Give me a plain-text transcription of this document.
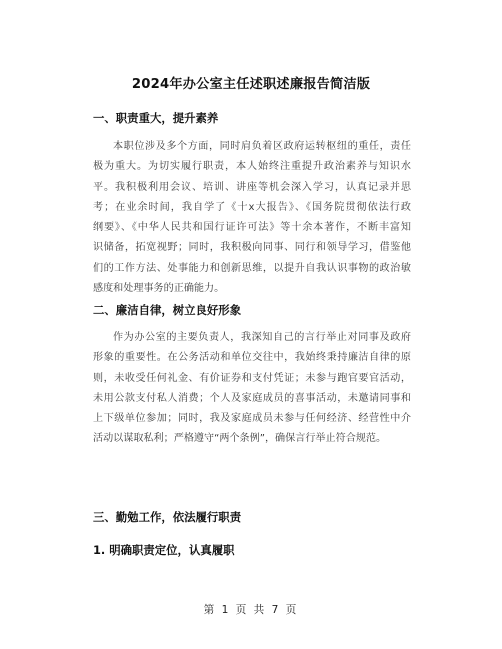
2024年办公室主任述职述廉报告简洁版
一、职责重大，提升素养
本职位涉及多个方面，同时肩负着区政府运转枢纽的重任，责任
极为重大。为切实履行职责，本人始终注重提升政治素养与知识水
平。我积极利用会议、培训、讲座等机会深入学习，认真记录并思
考；在业余时间，我自学了《十x大报告》、《国务院贯彻依法行政
纲要》、《中华人民共和国行证许可法》等十余本著作，不断丰富知
识储备，拓宽视野；同时，我积极向同事、同行和领导学习，借鉴他
们的工作方法、处事能力和创新思维，以提升自我认识事物的政治敏
感度和处理事务的正确能力。
二、廉洁自律，树立良好形象
作为办公室的主要负责人，我深知自己的言行举止对同事及政府
形象的重要性。在公务活动和单位交往中，我始终秉持廉洁自律的原
则，未收受任何礼金、有价证券和支付凭证；未参与跑官要官活动，
未用公款支付私人消费；个人及家庭成员的喜事活动，未邀请同事和
上下级单位参加；同时，我及家庭成员未参与任何经济、经营性中介
活动以谋取私利；严格遵守“两个条例”，确保言行举止符合规范。
三、勤勉工作，依法履行职责
1. 明确职责定位，认真履职
第 1 页 共 7 页
